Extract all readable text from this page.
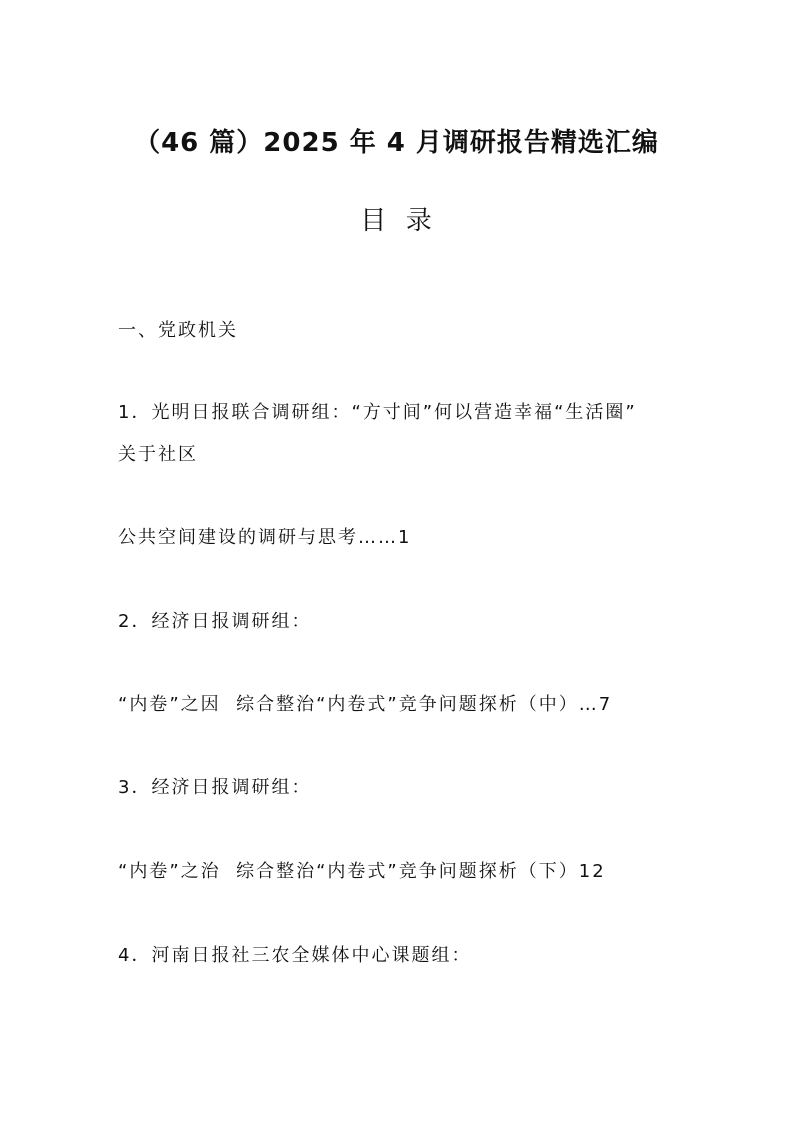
（46 篇）2025 年 4 月调研报告精选汇编
目  录
一、党政机关
1．光明日报联合调研组：“方寸间”何以营造幸福“生活圈”
关于社区
公共空间建设的调研与思考……1
2．经济日报调研组：
“内卷”之因  综合整治“内卷式”竞争问题探析（中）…7
3．经济日报调研组：
“内卷”之治  综合整治“内卷式”竞争问题探析（下）12
4．河南日报社三农全媒体中心课题组：
